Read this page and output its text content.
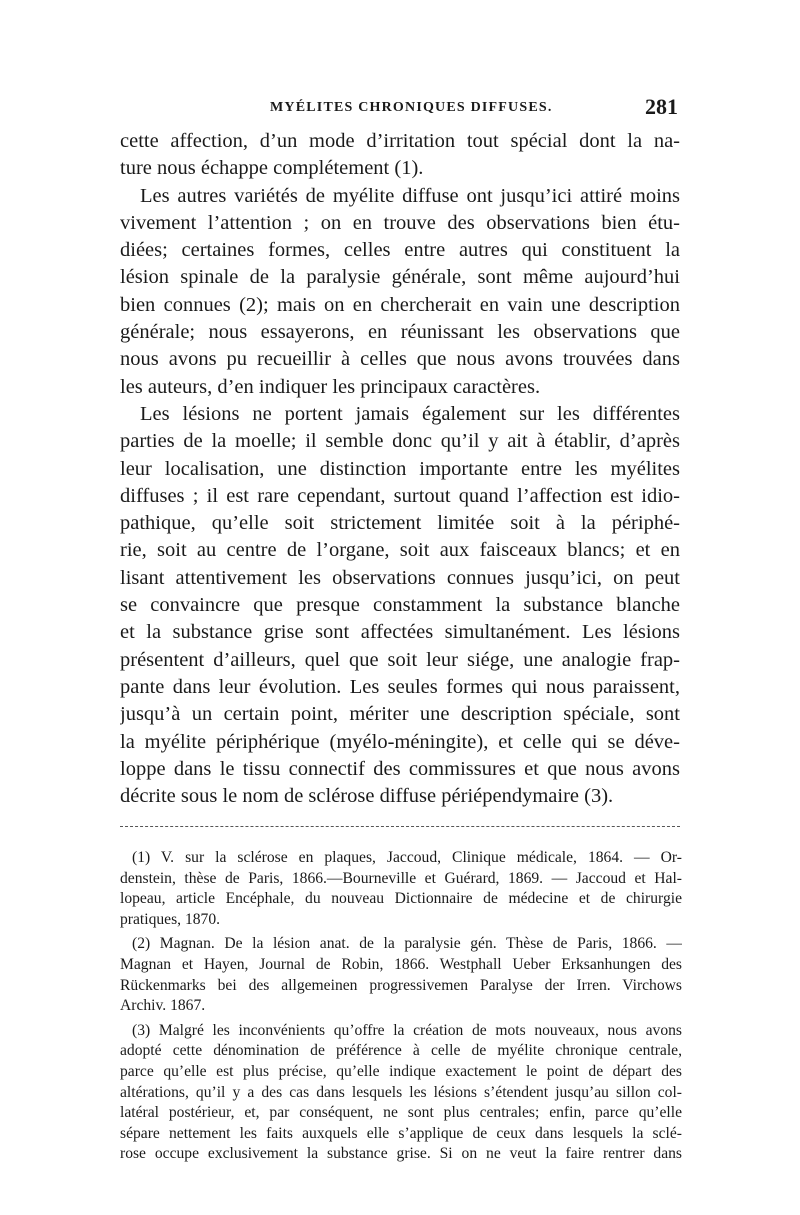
MYÉLITES CHRONIQUES DIFFUSES.	281
cette affection, d’un mode d’irritation tout spécial dont la na-
ture nous échappe complétement (1).
Les autres variétés de myélite diffuse ont jusqu’ici attiré moins
vivement l’attention ; on en trouve des observations bien étu-
diées; certaines formes, celles entre autres qui constituent la
lésion spinale de la paralysie générale, sont même aujourd’hui
bien connues (2); mais on en chercherait en vain une description
générale; nous essayerons, en réunissant les observations que
nous avons pu recueillir à celles que nous avons trouvées dans
les auteurs, d’en indiquer les principaux caractères.
Les lésions ne portent jamais également sur les différentes
parties de la moelle; il semble donc qu’il y ait à établir, d’après
leur localisation, une distinction importante entre les myélites
diffuses ; il est rare cependant, surtout quand l’affection est idio-
pathique, qu’elle soit strictement limitée soit à la périphé-
rie, soit au centre de l’organe, soit aux faisceaux blancs; et en
lisant attentivement les observations connues jusqu’ici, on peut
se convaincre que presque constamment la substance blanche
et la substance grise sont affectées simultanément. Les lésions
présentent d’ailleurs, quel que soit leur siége, une analogie frap-
pante dans leur évolution. Les seules formes qui nous paraissent,
jusqu’à un certain point, mériter une description spéciale, sont
la myélite périphérique (myélo-méningite), et celle qui se déve-
loppe dans le tissu connectif des commissures et que nous avons
décrite sous le nom de sclérose diffuse périépendymaire (3).
(1) V. sur la sclérose en plaques, Jaccoud, Clinique médicale, 1864. — Or-
denstein, thèse de Paris, 1866.—Bourneville et Guérard, 1869. — Jaccoud et Hal-
lopeau, article Encéphale, du nouveau Dictionnaire de médecine et de chirurgie
pratiques, 1870.
(2) Magnan. De la lésion anat. de la paralysie gén. Thèse de Paris, 1866. —
Magnan et Hayen, Journal de Robin, 1866. Westphall Ueber Erksanhungen des
Rückenmarks bei des allgemeinen progressivemen Paralyse der Irren. Virchows
Archiv. 1867.
(3) Malgré les inconvénients qu’offre la création de mots nouveaux, nous avons
adopté cette dénomination de préférence à celle de myélite chronique centrale,
parce qu’elle est plus précise, qu’elle indique exactement le point de départ des
altérations, qu’il y a des cas dans lesquels les lésions s’étendent jusqu’au sillon col-
latéral postérieur, et, par conséquent, ne sont plus centrales; enfin, parce qu’elle
sépare nettement les faits auxquels elle s’applique de ceux dans lesquels la sclé-
rose occupe exclusivement la substance grise. Si on ne veut la faire rentrer dans
